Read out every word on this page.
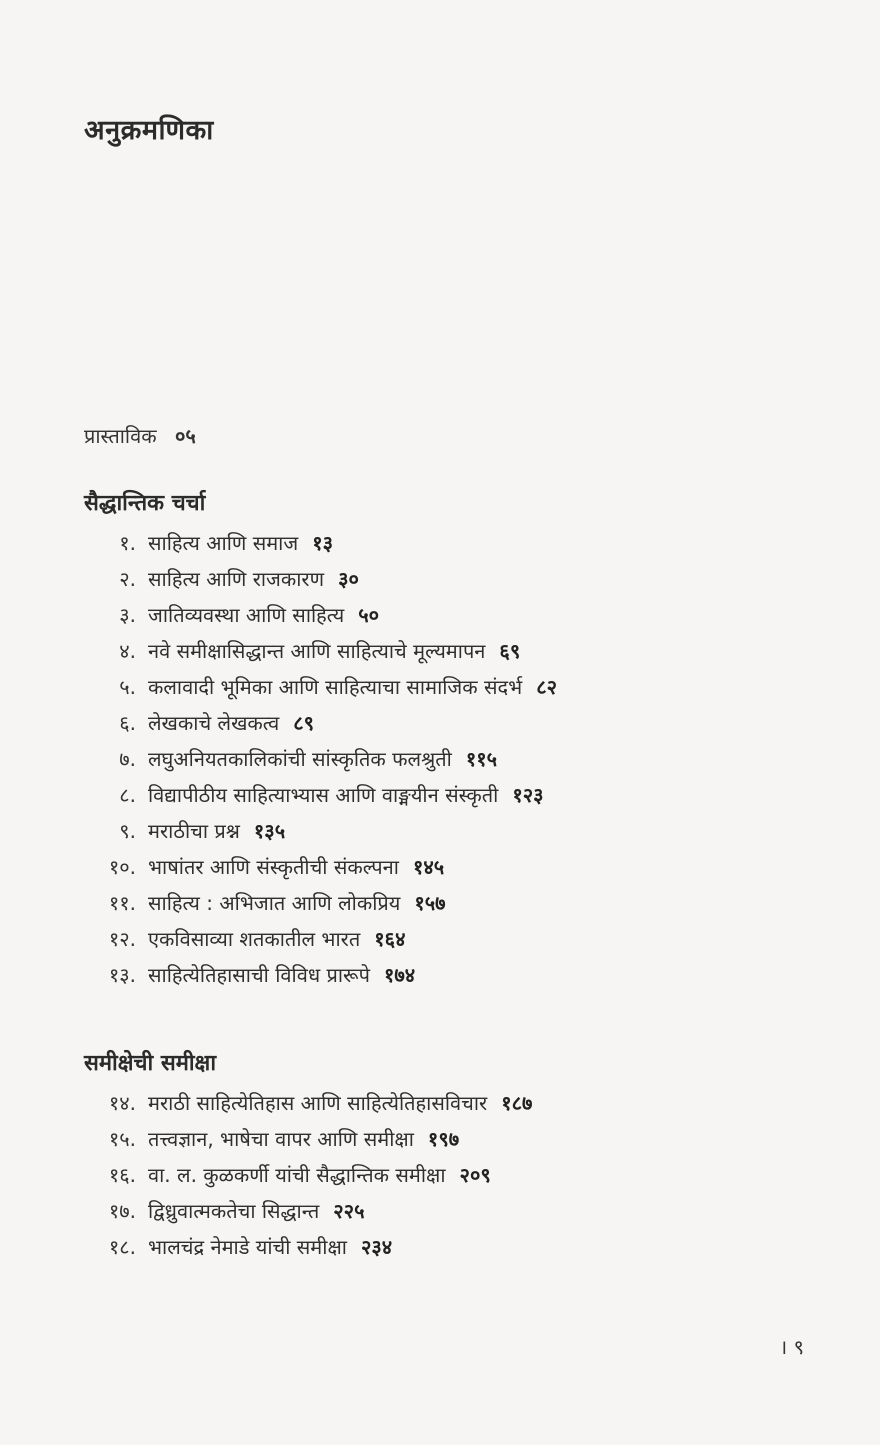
अनुक्रमणिका
प्रास्ताविक ०५
सैद्धान्तिक चर्चा
१. साहित्य आणि समाज १३
२. साहित्य आणि राजकारण ३०
३. जातिव्यवस्था आणि साहित्य ५०
४. नवे समीक्षासिद्धान्त आणि साहित्याचे मूल्यमापन ६९
५. कलावादी भूमिका आणि साहित्याचा सामाजिक संदर्भ ८२
६. लेखकाचे लेखकत्व ८९
७. लघुअनियतकालिकांची सांस्कृतिक फलश्रुती ११५
८. विद्यापीठीय साहित्याभ्यास आणि वाङ्मयीन संस्कृती १२३
९. मराठीचा प्रश्न १३५
१०. भाषांतर आणि संस्कृतीची संकल्पना १४५
११. साहित्य : अभिजात आणि लोकप्रिय १५७
१२. एकविसाव्या शतकातील भारत १६४
१३. साहित्येतिहासाची विविध प्रारूपे १७४
समीक्षेची समीक्षा
१४. मराठी साहित्येतिहास आणि साहित्येतिहासविचार १८७
१५. तत्त्वज्ञान, भाषेचा वापर आणि समीक्षा १९७
१६. वा. ल. कुळकर्णी यांची सैद्धान्तिक समीक्षा २०९
१७. द्विध्रुवात्मकतेचा सिद्धान्त २२५
१८. भालचंद्र नेमाडे यांची समीक्षा २३४
। ९
